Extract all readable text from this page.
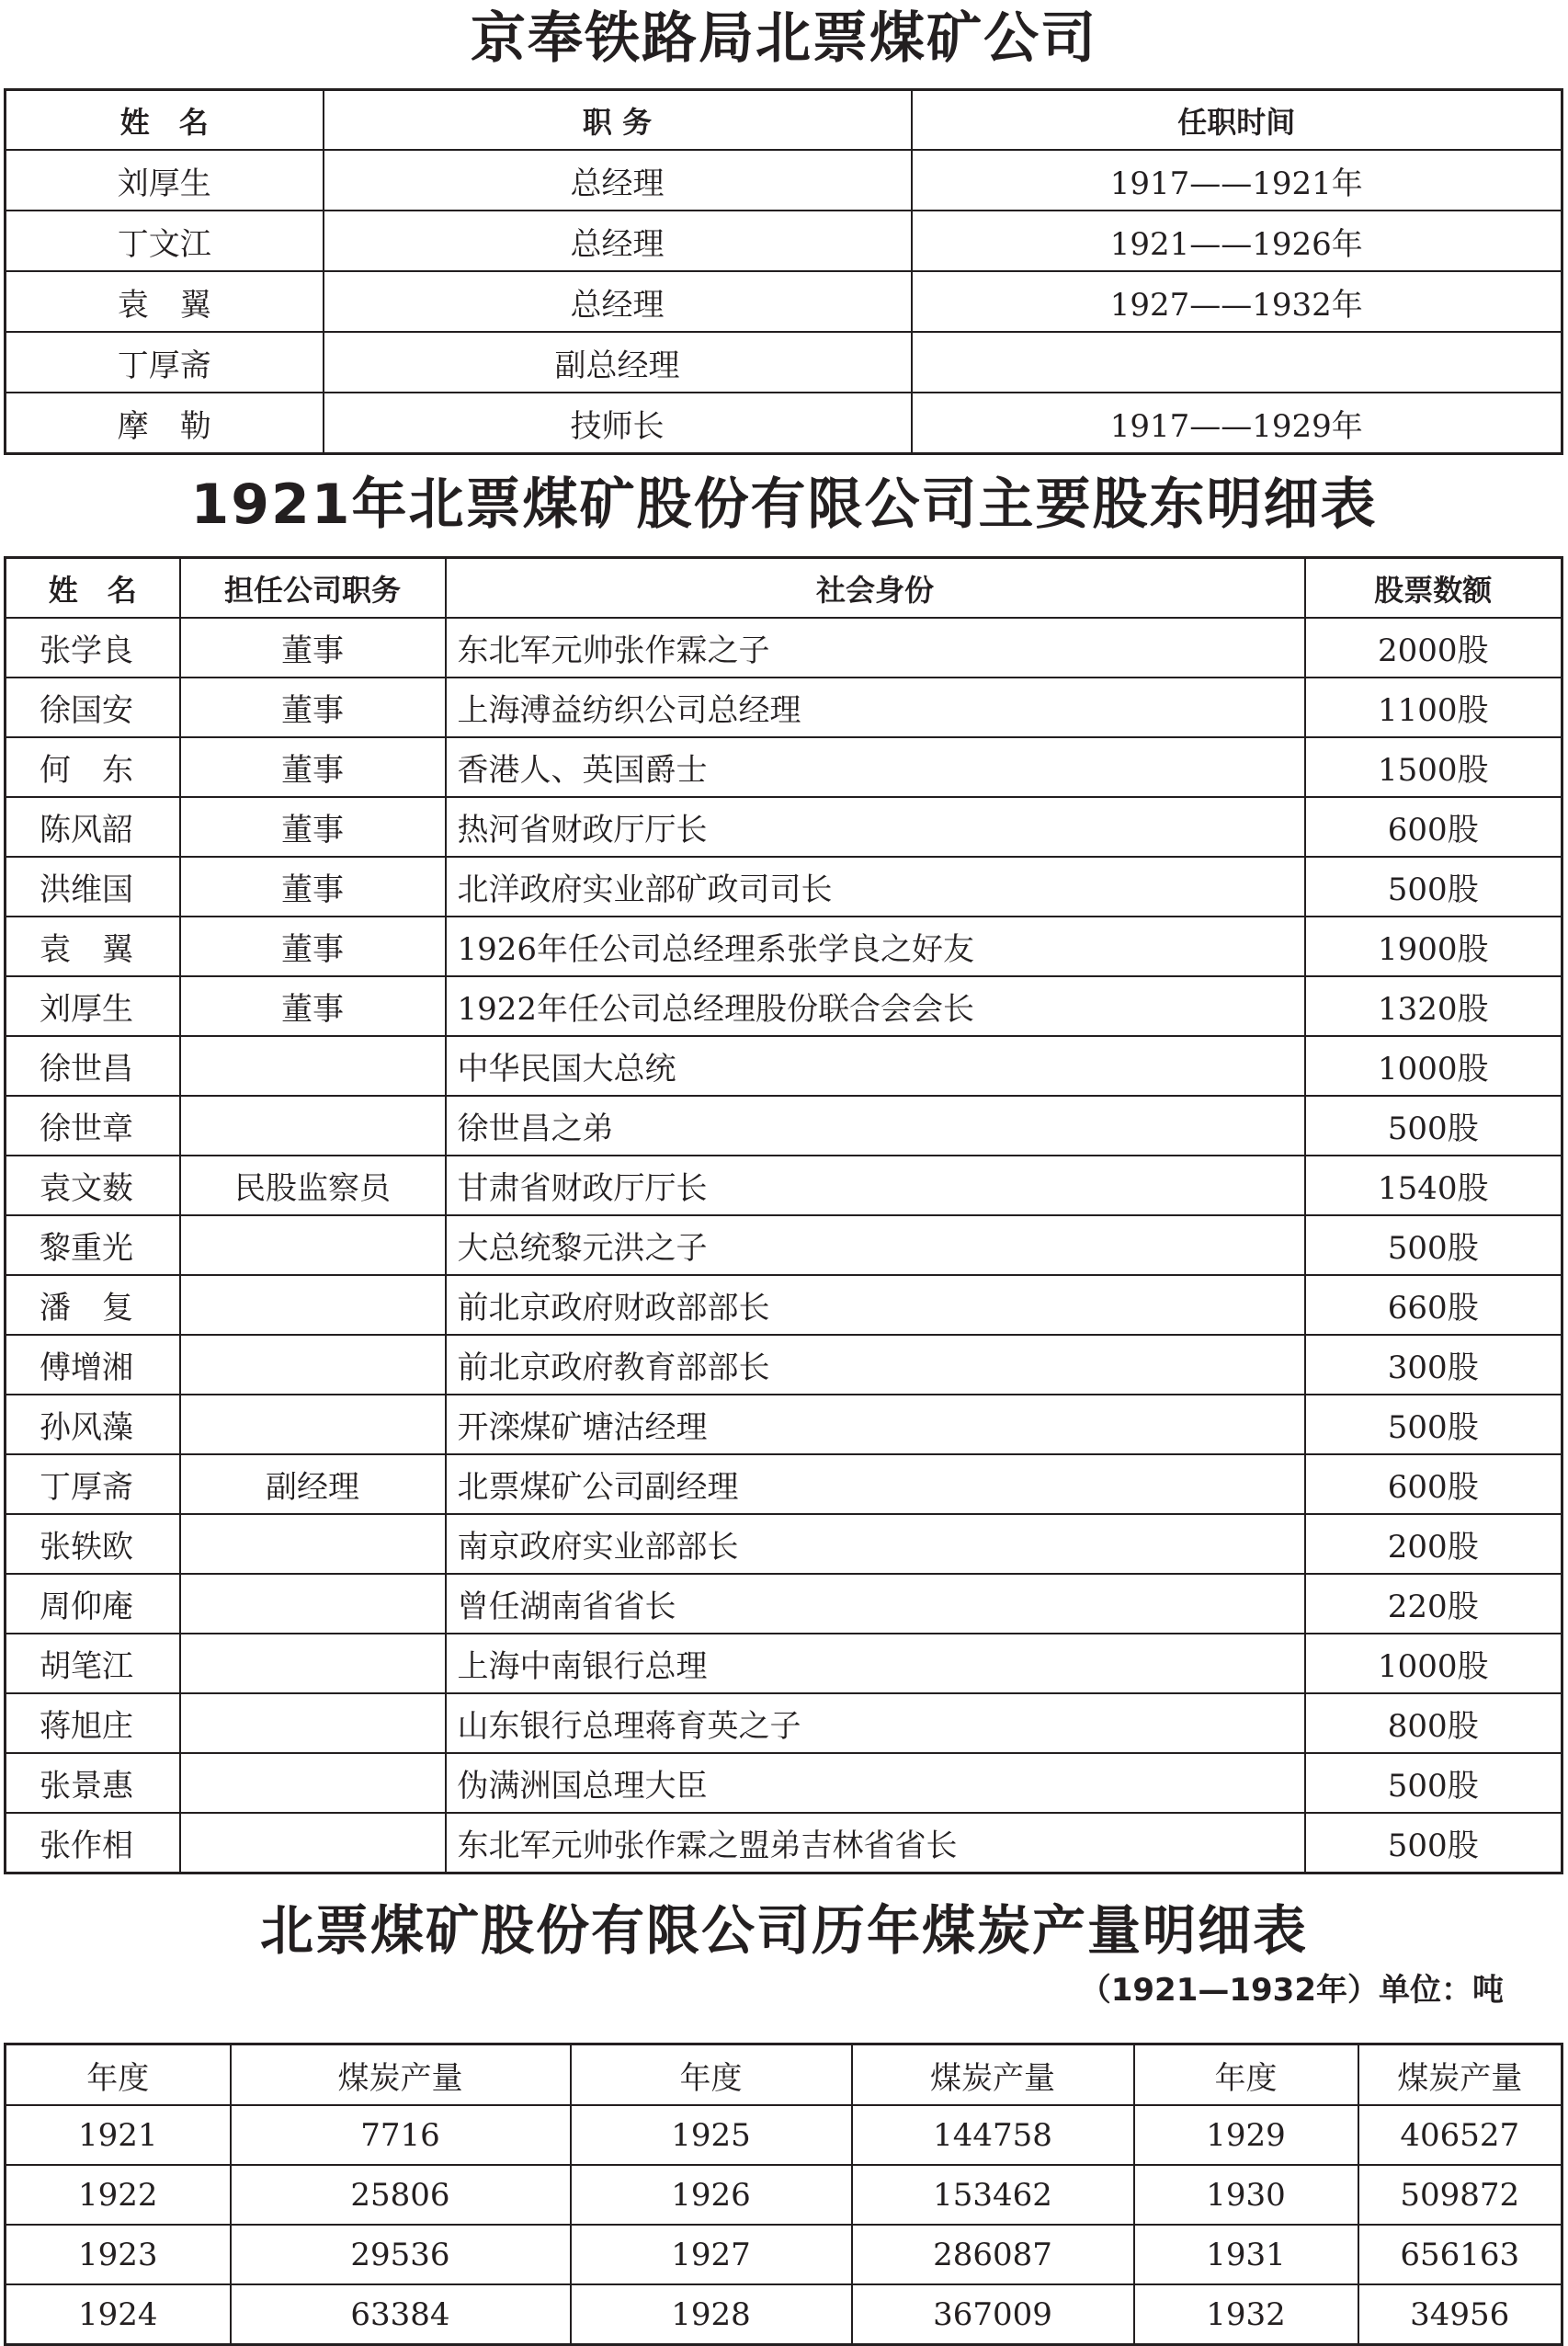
京奉铁路局北票煤矿公司
姓　名	职 务	任职时间
刘厚生	总经理	1917——1921年
丁文江	总经理	1921——1926年
袁　翼	总经理	1927——1932年
丁厚斋	副总经理	
摩　勒	技师长	1917——1929年
1921年北票煤矿股份有限公司主要股东明细表
姓　名	担任公司职务	社会身份	股票数额
张学良	董事	东北军元帅张作霖之子	2000股
徐国安	董事	上海溥益纺织公司总经理	1100股
何　东	董事	香港人、英国爵士	1500股
陈风韶	董事	热河省财政厅厅长	600股
洪维国	董事	北洋政府实业部矿政司司长	500股
袁　翼	董事	1926年任公司总经理系张学良之好友	1900股
刘厚生	董事	1922年任公司总经理股份联合会会长	1320股
徐世昌		中华民国大总统	1000股
徐世章		徐世昌之弟	500股
袁文薮	民股监察员	甘肃省财政厅厅长	1540股
黎重光		大总统黎元洪之子	500股
潘　复		前北京政府财政部部长	660股
傅增湘		前北京政府教育部部长	300股
孙风藻		开滦煤矿塘沽经理	500股
丁厚斋	副经理	北票煤矿公司副经理	600股
张轶欧		南京政府实业部部长	200股
周仰庵		曾任湖南省省长	220股
胡笔江		上海中南银行总理	1000股
蒋旭庄		山东银行总理蒋育英之子	800股
张景惠		伪满洲国总理大臣	500股
张作相		东北军元帅张作霖之盟弟吉林省省长	500股
北票煤矿股份有限公司历年煤炭产量明细表
（1921—1932年）单位：吨
年度	煤炭产量	年度	煤炭产量	年度	煤炭产量
1921	7716	1925	144758	1929	406527
1922	25806	1926	153462	1930	509872
1923	29536	1927	286087	1931	656163
1924	63384	1928	367009	1932	34956
